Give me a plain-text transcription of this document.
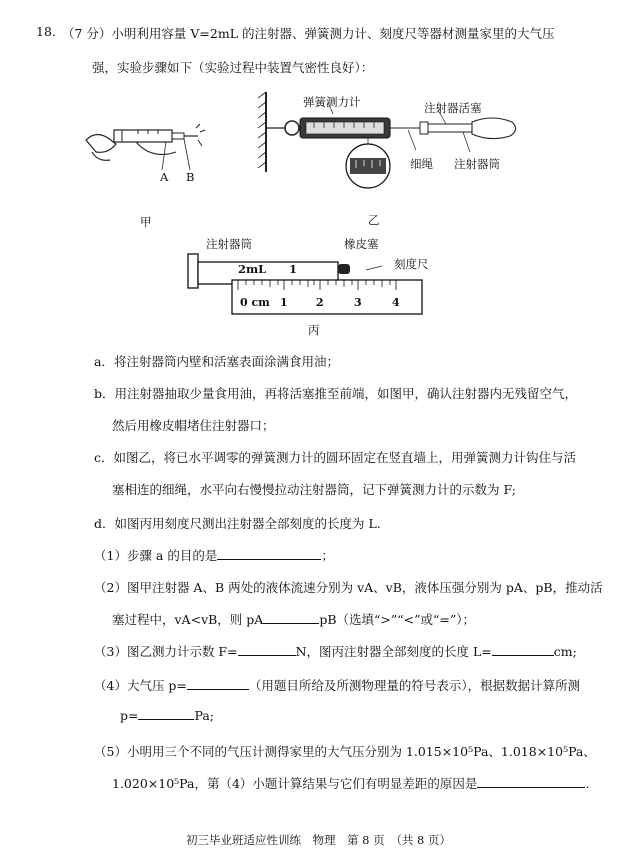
18. （7 分）小明利用容量 V=2mL 的注射器、弹簧测力计、刻度尺等器材测量家里的大气压
强，实验步骤如下（实验过程中装置气密性良好）：
A B
甲
弹簧测力计	注射器活塞
细绳 注射器筒
乙
注射器筒	橡皮塞
刻度尺
2mL 1
0 cm 1	2	3	4
丙
a．将注射器筒内壁和活塞表面涂满食用油；
b．用注射器抽取少量食用油，再将活塞推至前端，如图甲，确认注射器内无残留空气，
然后用橡皮帽堵住注射器口；
c．如图乙，将已水平调零的弹簧测力计的圆环固定在竖直墙上，用弹簧测力计钩住与活
塞相连的细绳，水平向右慢慢拉动注射器筒，记下弹簧测力计的示数为 F;
d．如图丙用刻度尺测出注射器全部刻度的长度为 L.
（1）步骤 a 的目的是	；
（2）图甲注射器 A、B 两处的液体流速分别为 vA、vB，液体压强分别为 pA、pB，推动活
塞过程中，vA<vB，则 pA	pB（选填“>”“<”或“=”）；
（3）图乙测力计示数 F=	N，图丙注射器全部刻度的长度 L=	cm;
（4）大气压 p=	（用题目所给及所测物理量的符号表示），根据数据计算所测
p=	Pa;
（5）小明用三个不同的气压计测得家里的大气压分别为 1.015×10⁵Pa、1.018×10⁵Pa、
1.020×10⁵Pa，第（4）小题计算结果与它们有明显差距的原因是	.
初三毕业班适应性训练　物理　第 8 页　（共 8 页）
